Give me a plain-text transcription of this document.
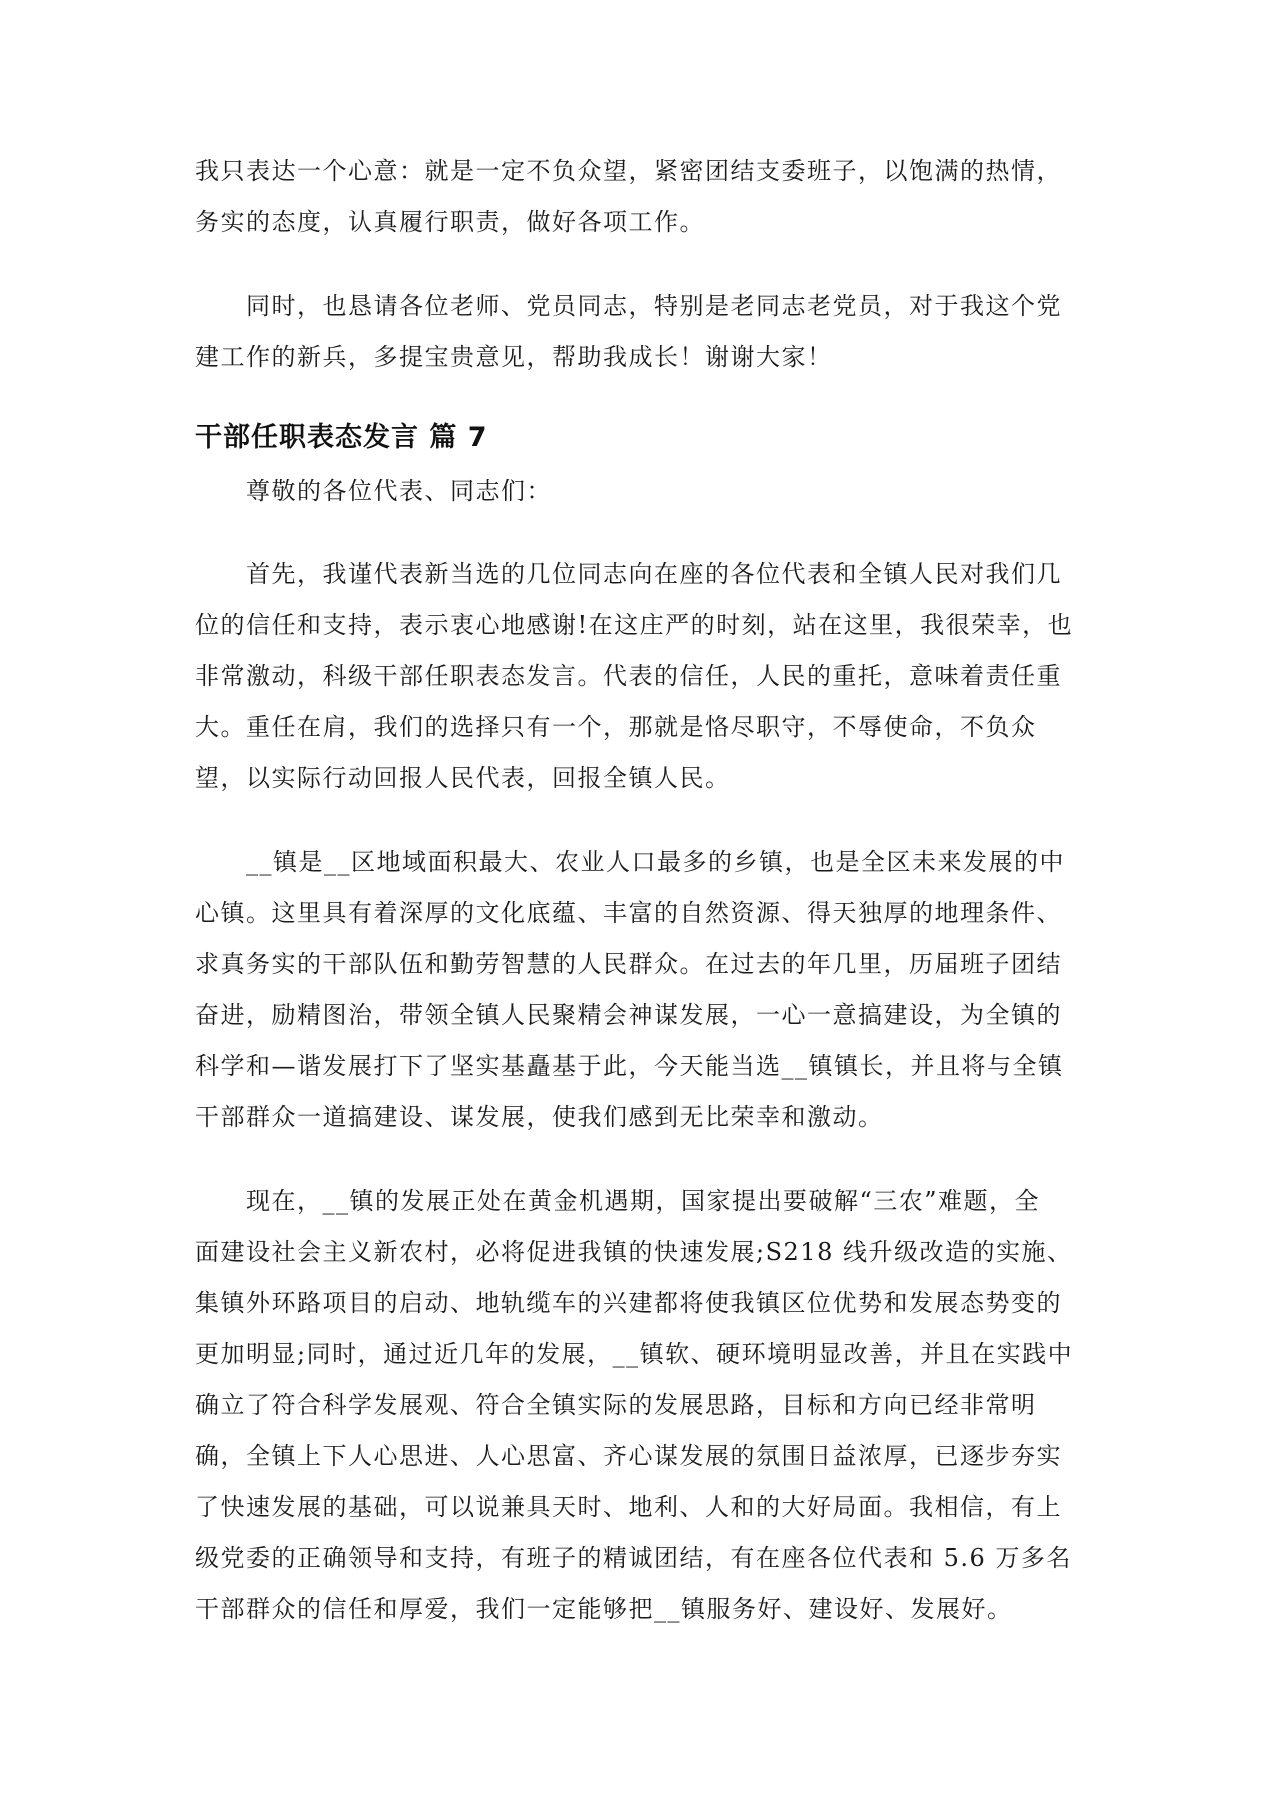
我只表达一个心意：就是一定不负众望，紧密团结支委班子，以饱满的热情，
务实的态度，认真履行职责，做好各项工作。

　　同时，也恳请各位老师、党员同志，特别是老同志老党员，对于我这个党
建工作的新兵，多提宝贵意见，帮助我成长！谢谢大家！

干部任职表态发言 篇 7

　　尊敬的各位代表、同志们：

　　首先，我谨代表新当选的几位同志向在座的各位代表和全镇人民对我们几
位的信任和支持，表示衷心地感谢!在这庄严的时刻，站在这里，我很荣幸，也
非常激动，科级干部任职表态发言。代表的信任，人民的重托，意味着责任重
大。重任在肩，我们的选择只有一个，那就是恪尽职守，不辱使命，不负众
望，以实际行动回报人民代表，回报全镇人民。

　　__镇是__区地域面积最大、农业人口最多的乡镇，也是全区未来发展的中
心镇。这里具有着深厚的文化底蕴、丰富的自然资源、得天独厚的地理条件、
求真务实的干部队伍和勤劳智慧的人民群众。在过去的年几里，历届班子团结
奋进，励精图治，带领全镇人民聚精会神谋发展，一心一意搞建设，为全镇的
科学和—谐发展打下了坚实基矗基于此，今天能当选__镇镇长，并且将与全镇
干部群众一道搞建设、谋发展，使我们感到无比荣幸和激动。

　　现在，__镇的发展正处在黄金机遇期，国家提出要破解“三农”难题，全
面建设社会主义新农村，必将促进我镇的快速发展;S218 线升级改造的实施、
集镇外环路项目的启动、地轨缆车的兴建都将使我镇区位优势和发展态势变的
更加明显;同时，通过近几年的发展，__镇软、硬环境明显改善，并且在实践中
确立了符合科学发展观、符合全镇实际的发展思路，目标和方向已经非常明
确，全镇上下人心思进、人心思富、齐心谋发展的氛围日益浓厚，已逐步夯实
了快速发展的基础，可以说兼具天时、地利、人和的大好局面。我相信，有上
级党委的正确领导和支持，有班子的精诚团结，有在座各位代表和 5.6 万多名
干部群众的信任和厚爱，我们一定能够把__镇服务好、建设好、发展好。
